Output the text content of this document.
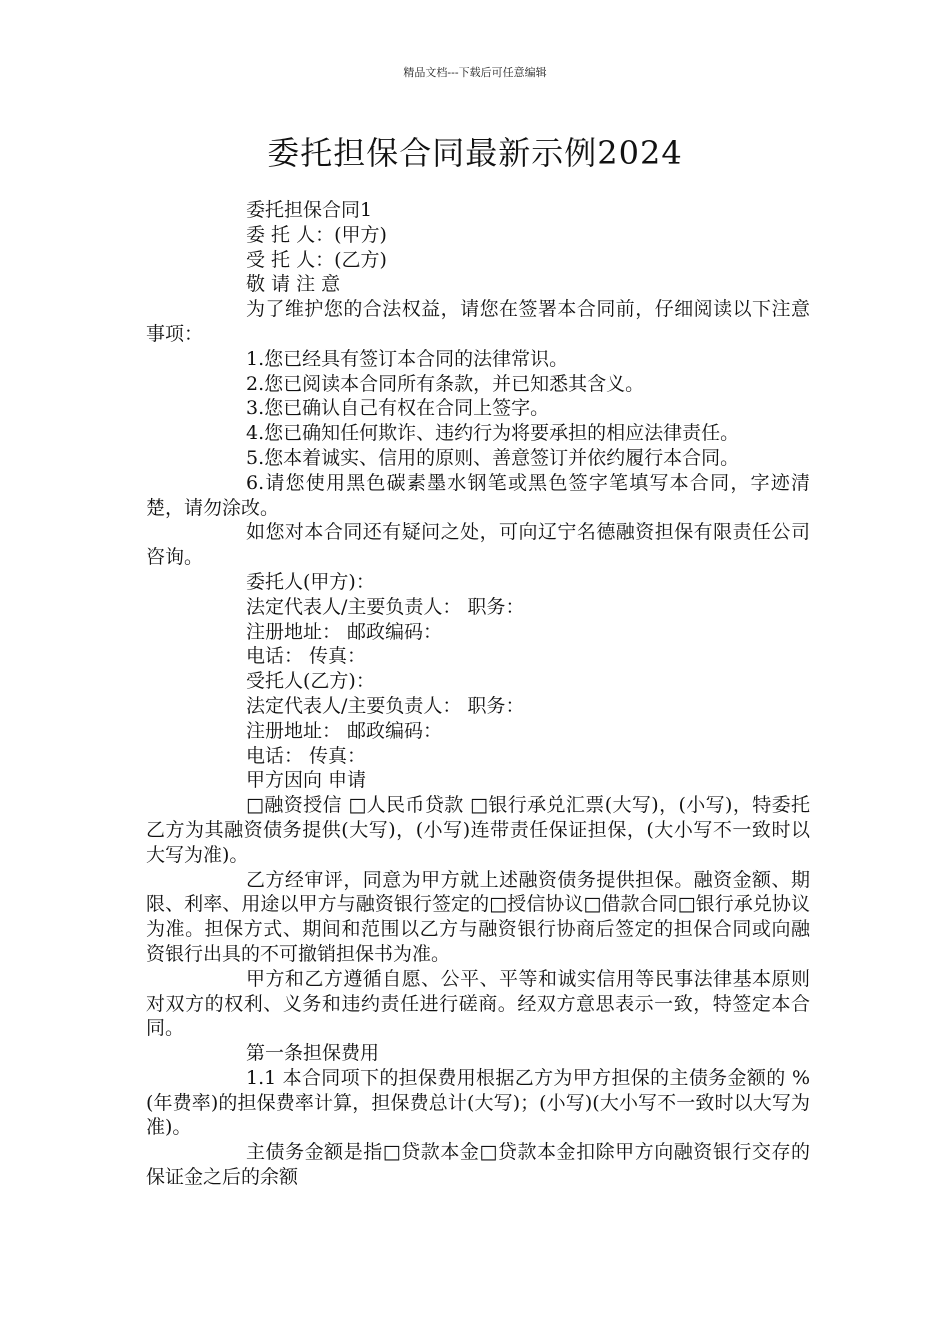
精品文档---下载后可任意编辑
委托担保合同最新示例2024

委托担保合同1

委 托 人：(甲方)

受 托 人：(乙方)

敬 请 注 意

为了维护您的合法权益，请您在签署本合同前，仔细阅读以下注意事项：

1.您已经具有签订本合同的法律常识。

2.您已阅读本合同所有条款，并已知悉其含义。

3.您已确认自己有权在合同上签字。

4.您已确知任何欺诈、违约行为将要承担的相应法律责任。

5.您本着诚实、信用的原则、善意签订并依约履行本合同。

6.请您使用黑色碳素墨水钢笔或黑色签字笔填写本合同，字迹清楚，请勿涂改。

如您对本合同还有疑问之处，可向辽宁名德融资担保有限责任公司咨询。

委托人(甲方)：

法定代表人/主要负责人： 职务：

注册地址： 邮政编码：

电话： 传真：

受托人(乙方)：

法定代表人/主要负责人： 职务：

注册地址： 邮政编码：

电话： 传真：

甲方因向 申请

□融资授信 □人民币贷款 □银行承兑汇票(大写)，(小写)，特委托乙方为其融资债务提供(大写)，(小写)连带责任保证担保，(大小写不一致时以大写为准)。

乙方经审评，同意为甲方就上述融资债务提供担保。融资金额、期限、利率、用途以甲方与融资银行签定的□授信协议□借款合同□银行承兑协议为准。担保方式、期间和范围以乙方与融资银行协商后签定的担保合同或向融资银行出具的不可撤销担保书为准。

甲方和乙方遵循自愿、公平、平等和诚实信用等民事法律基本原则对双方的权利、义务和违约责任进行磋商。经双方意思表示一致，特签定本合同。

第一条担保费用

1.1 本合同项下的担保费用根据乙方为甲方担保的主债务金额的 %(年费率)的担保费率计算，担保费总计(大写)；(小写)(大小写不一致时以大写为准)。

主债务金额是指□贷款本金□贷款本金扣除甲方向融资银行交存的保证金之后的余额
